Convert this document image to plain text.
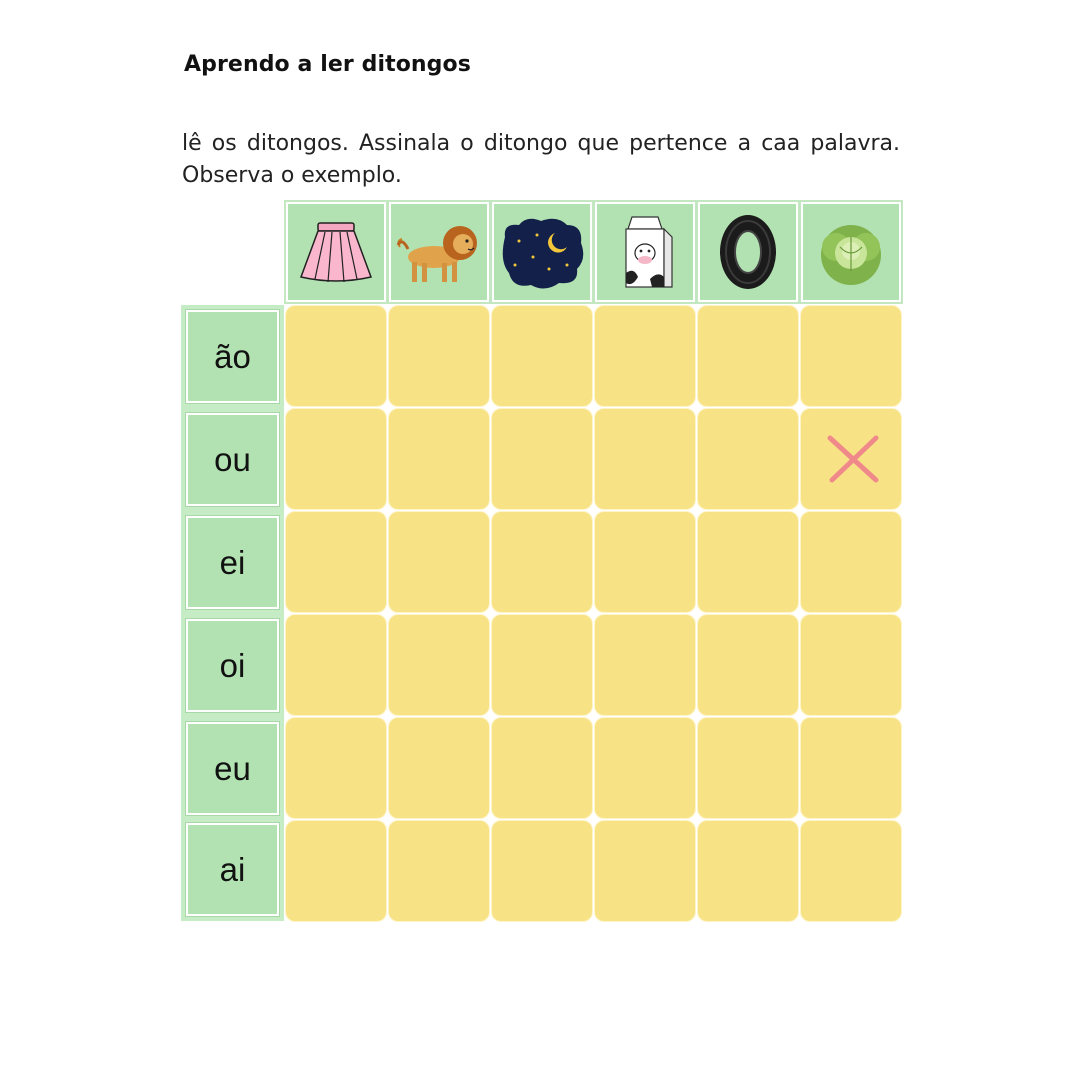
Aprendo a ler ditongos
lê os ditongos. Assinala o ditongo que pertence a caa palavra. Observa o exemplo.
ão
ou
ei
oi
eu
ai
